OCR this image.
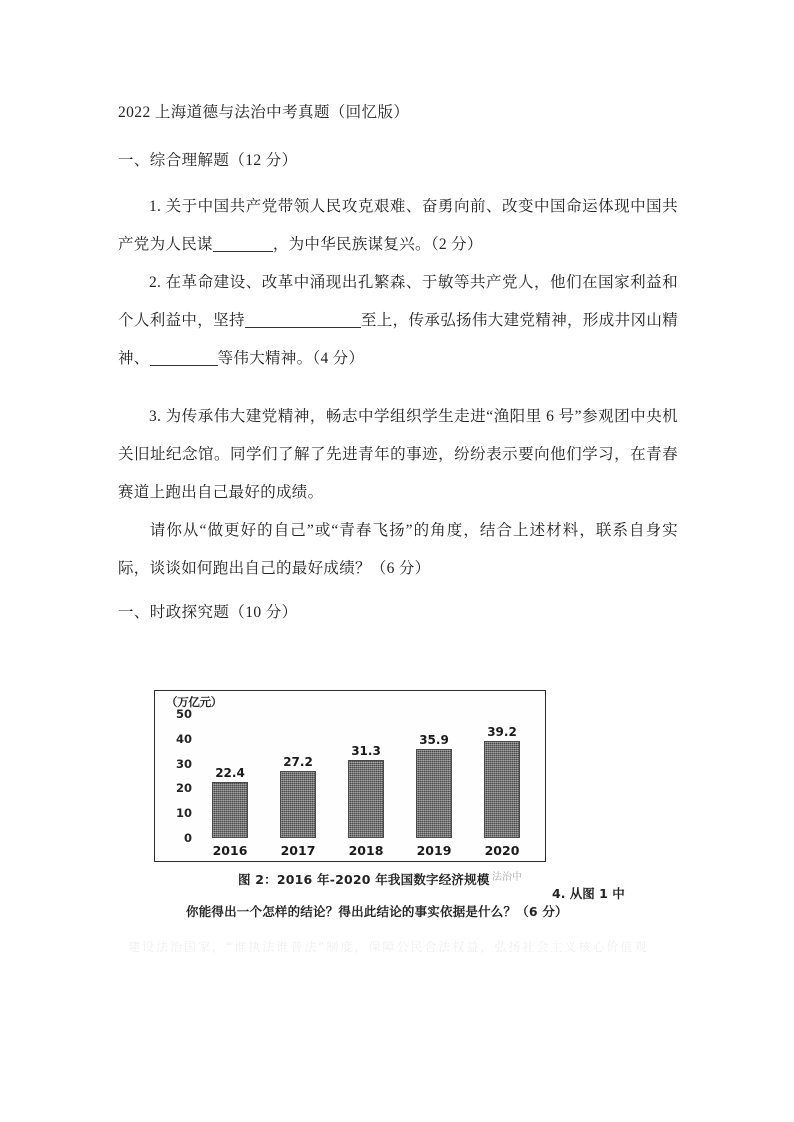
2022 上海道德与法治中考真题（回忆版）
一、综合理解题（12 分）
1. 关于中国共产党带领人民攻克艰难、奋勇向前、改变中国命运体现中国共产党为人民谋	，为中华民族谋复兴。（2 分）
2. 在革命建设、改革中涌现出孔繁森、于敏等共产党人，他们在国家利益和个人利益中，坚持	至上，传承弘扬伟大建党精神，形成井冈山精神、	等伟大精神。（4 分）
3. 为传承伟大建党精神，畅志中学组织学生走进“渔阳里 6 号”参观团中央机关旧址纪念馆。同学们了解了先进青年的事迹，纷纷表示要向他们学习，在青春赛道上跑出自己最好的成绩。
请你从“做更好的自己”或“青春飞扬”的角度，结合上述材料，联系自身实际，谈谈如何跑出自己的最好成绩？（6 分）
一、时政探究题（10 分）
（万亿元）
50
40
30
20
10
0
22.4
2016
27.2
2017
31.3
2018
35.9
2019
39.2
2020
图 2：2016 年-2020 年我国数字经济规模 法治中
4. 从图 1 中
你能得出一个怎样的结论？得出此结论的事实依据是什么？（6 分）
建设法治国家，“谁执法谁普法”制度，保障公民合法权益，弘扬社会主义核心价值观
